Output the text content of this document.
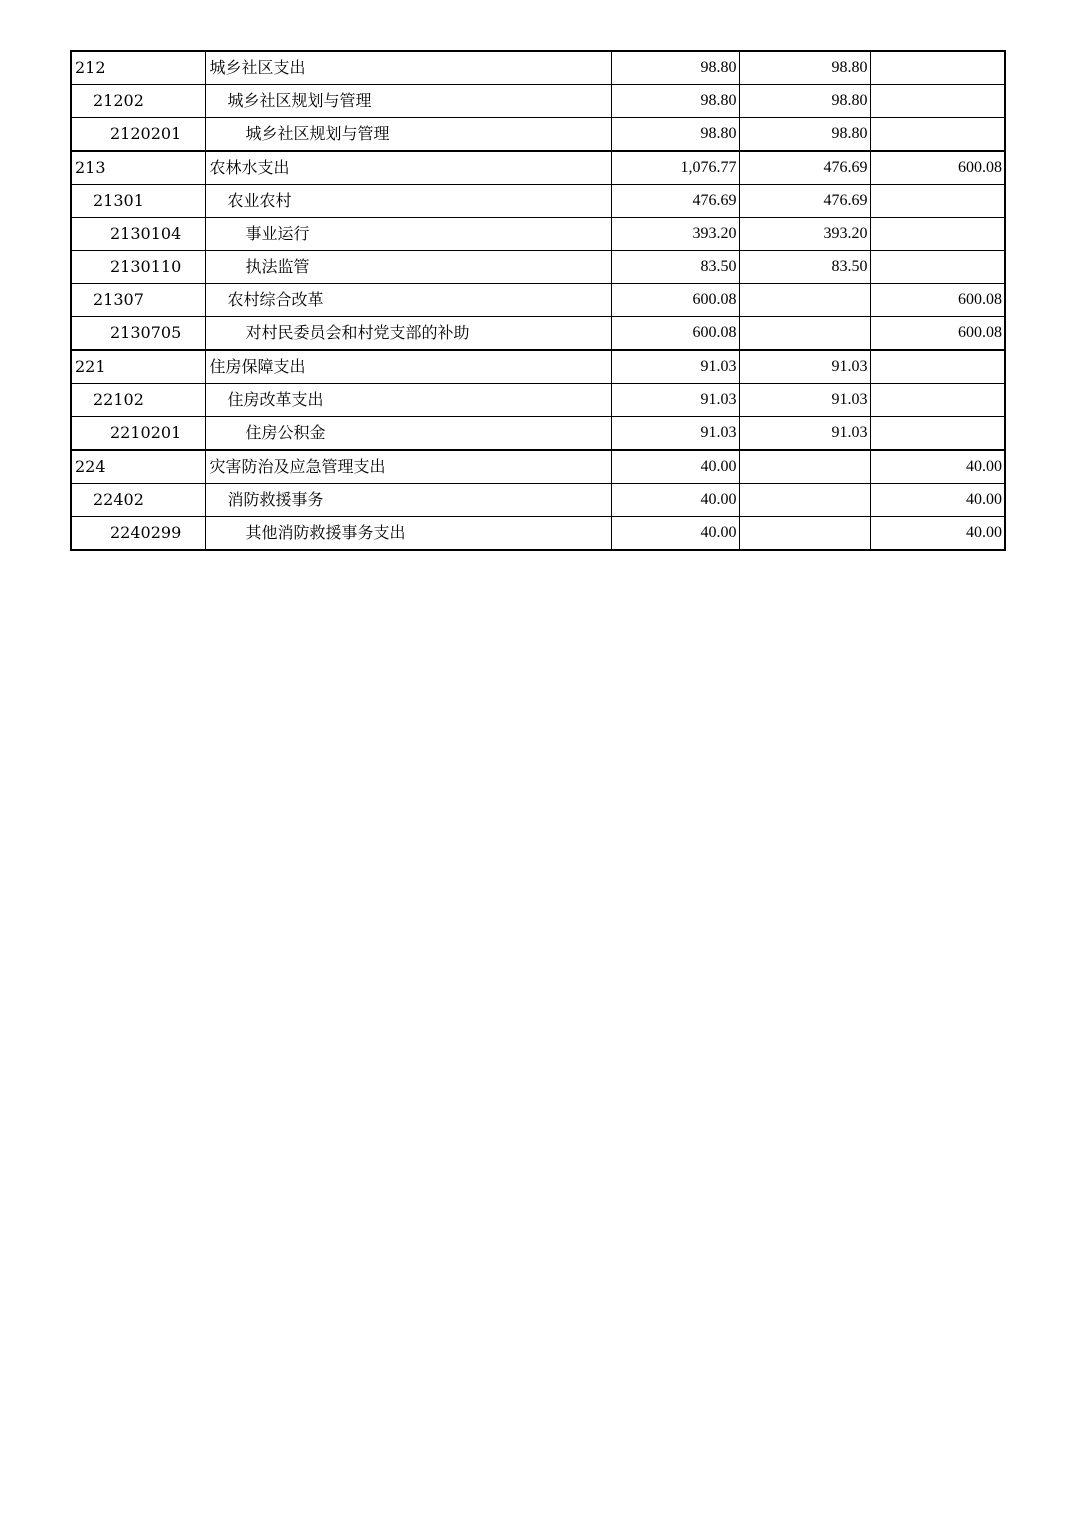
212	城乡社区支出	98.80	98.80	
21202	城乡社区规划与管理	98.80	98.80	
2120201	城乡社区规划与管理	98.80	98.80	
213	农林水支出	1,076.77	476.69	600.08
21301	农业农村	476.69	476.69	
2130104	事业运行	393.20	393.20	
2130110	执法监管	83.50	83.50	
21307	农村综合改革	600.08		600.08
2130705	对村民委员会和村党支部的补助	600.08		600.08
221	住房保障支出	91.03	91.03	
22102	住房改革支出	91.03	91.03	
2210201	住房公积金	91.03	91.03	
224	灾害防治及应急管理支出	40.00		40.00
22402	消防救援事务	40.00		40.00
2240299	其他消防救援事务支出	40.00		40.00
